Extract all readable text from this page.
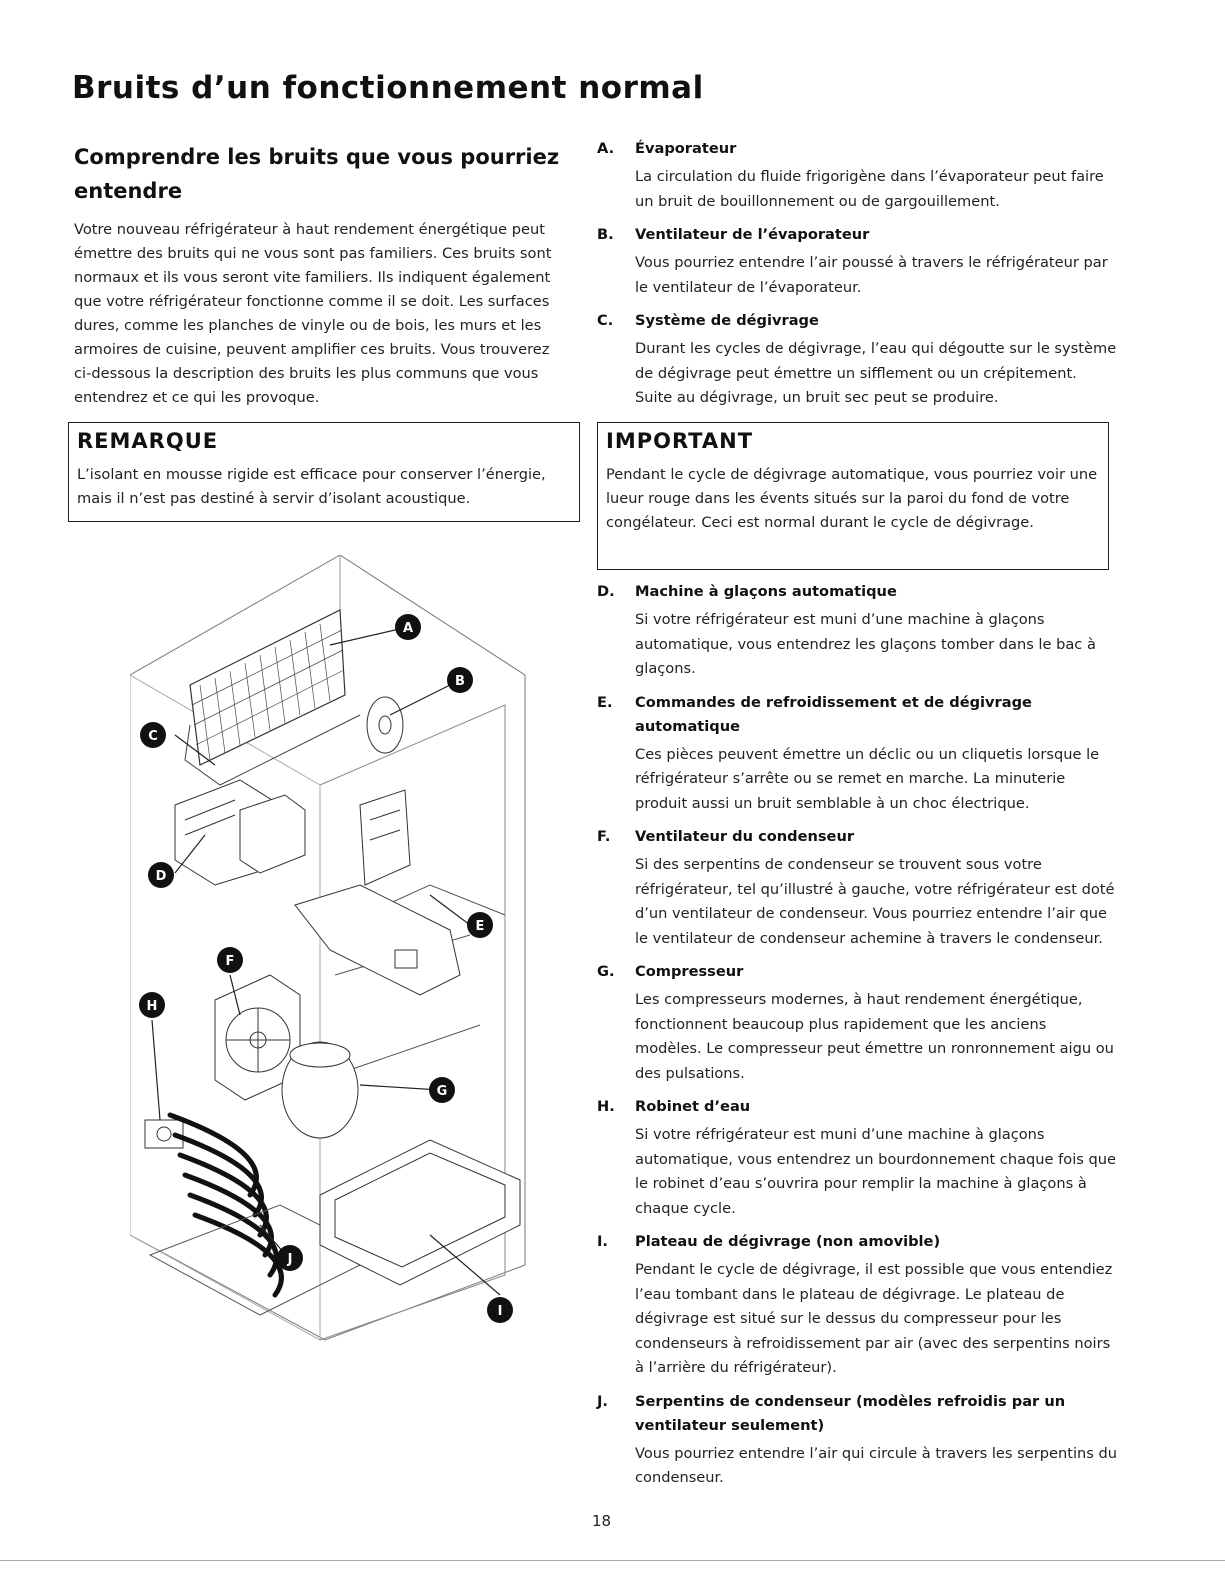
Bruits d’un fonctionnement normal
Comprendre les bruits que vous pourriez entendre

Votre nouveau réfrigérateur à haut rendement énergétique peut émettre des bruits qui ne vous sont pas familiers. Ces bruits sont normaux et ils vous seront vite familiers. Ils indiquent également que votre réfrigérateur fonctionne comme il se doit. Les surfaces dures, comme les planches de vinyle ou de bois, les murs et les armoires de cuisine, peuvent amplifier ces bruits. Vous trouverez ci-dessous la description des bruits les plus communs que vous entendrez et ce qui les provoque.

REMARQUE
L’isolant en mousse rigide est efficace pour conserver l’énergie, mais il n’est pas destiné à servir d’isolant acoustique.
A
B
C
D
E
F
G
H
I
J
A.	Évaporateur
La circulation du fluide frigorigène dans l’évaporateur peut faire un bruit de bouillonnement ou de gargouillement.
B.	Ventilateur de l’évaporateur
Vous pourriez entendre l’air poussé à travers le réfrigérateur par le ventilateur de l’évaporateur.
C.	Système de dégivrage
Durant les cycles de dégivrage, l’eau qui dégoutte sur le système de dégivrage peut émettre un sifflement ou un crépitement. Suite au dégivrage, un bruit sec peut se produire.
IMPORTANT
Pendant le cycle de dégivrage automatique, vous pourriez voir une lueur rouge dans les évents situés sur la paroi du fond de votre congélateur. Ceci est normal durant le cycle de dégivrage.
D.	Machine à glaçons automatique
Si votre réfrigérateur est muni d’une machine à glaçons automatique, vous entendrez les glaçons tomber dans le bac à glaçons.
E.	Commandes de refroidissement et de dégivrage automatique
Ces pièces peuvent émettre un déclic ou un cliquetis lorsque le réfrigérateur s’arrête ou se remet en marche. La minuterie produit aussi un bruit semblable à un choc électrique.
F.	Ventilateur du condenseur
Si des serpentins de condenseur se trouvent sous votre réfrigérateur, tel qu’illustré à gauche, votre réfrigérateur est doté d’un ventilateur de condenseur. Vous pourriez entendre l’air que le ventilateur de condenseur achemine à travers le condenseur.
G.	Compresseur
Les compresseurs modernes, à haut rendement énergétique, fonctionnent beaucoup plus rapidement que les anciens modèles. Le compresseur peut émettre un ronronnement aigu ou des pulsations.
H.	Robinet d’eau
Si votre réfrigérateur est muni d’une machine à glaçons automatique, vous entendrez un bourdonnement chaque fois que le robinet d’eau s’ouvrira pour remplir la machine à glaçons à chaque cycle.
I.	Plateau de dégivrage (non amovible)
Pendant le cycle de dégivrage, il est possible que vous entendiez l’eau tombant dans le plateau de dégivrage. Le plateau de dégivrage est situé sur le dessus du compresseur pour les condenseurs à refroidissement par air (avec des serpentins noirs à l’arrière du réfrigérateur).
J.	Serpentins de condenseur (modèles refroidis par un ventilateur seulement)
Vous pourriez entendre l’air qui circule à travers les serpentins du condenseur.
18
